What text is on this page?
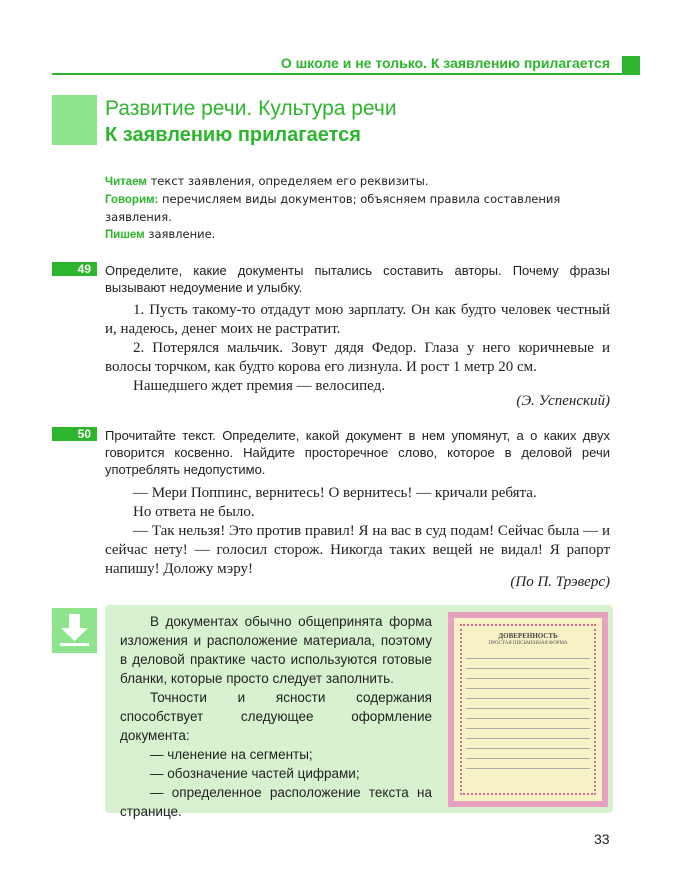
О школе и не только. К заявлению прилагается
Развитие речи. Культура речи
К заявлению прилагается

Читаем текст заявления, определяем его реквизиты.

Говорим: перечисляем виды документов; объясняем правила составления заявления.

Пишем заявление.

49	Определите, какие документы пытались составить авторы. Почему фразы вызывают недоумение и улыбку.

1. Пусть такому-то отдадут мою зарплату. Он как будто человек честный и, надеюсь, денег моих не растратит.

2. Потерялся мальчик. Зовут дядя Федор. Глаза у него коричневые и волосы торчком, как будто корова его лизнула. И рост 1 метр 20 см.

Нашедшего ждет премия — велосипед.

(Э. Успенский)
50	Прочитайте текст. Определите, какой документ в нем упомянут, а о каких двух говорится косвенно. Найдите просторечное слово, которое в деловой речи употреблять недопустимо.

— Мери Поппинс, вернитесь! О вернитесь! — кричали ребята.

Но ответа не было.

— Так нельзя! Это против правил! Я на вас в суд подам! Сейчас была — и сейчас нету! — голосил сторож. Никогда таких вещей не видал! Я рапорт напишу! Доложу мэру!

(По П. Трэверс)

В документах обычно общепринята форма изложения и расположение материала, поэтому в деловой практике часто используются готовые бланки, которые просто следует заполнить.

Точности и ясности содержания способствует следующее оформление документа:

— членение на сегменты;

— обозначение частей цифрами;

— определенное расположение текста на странице.

ДОВЕРЕННОСТЬ
ПРОСТАЯ ПИСЬМЕННАЯ ФОРМА
33
